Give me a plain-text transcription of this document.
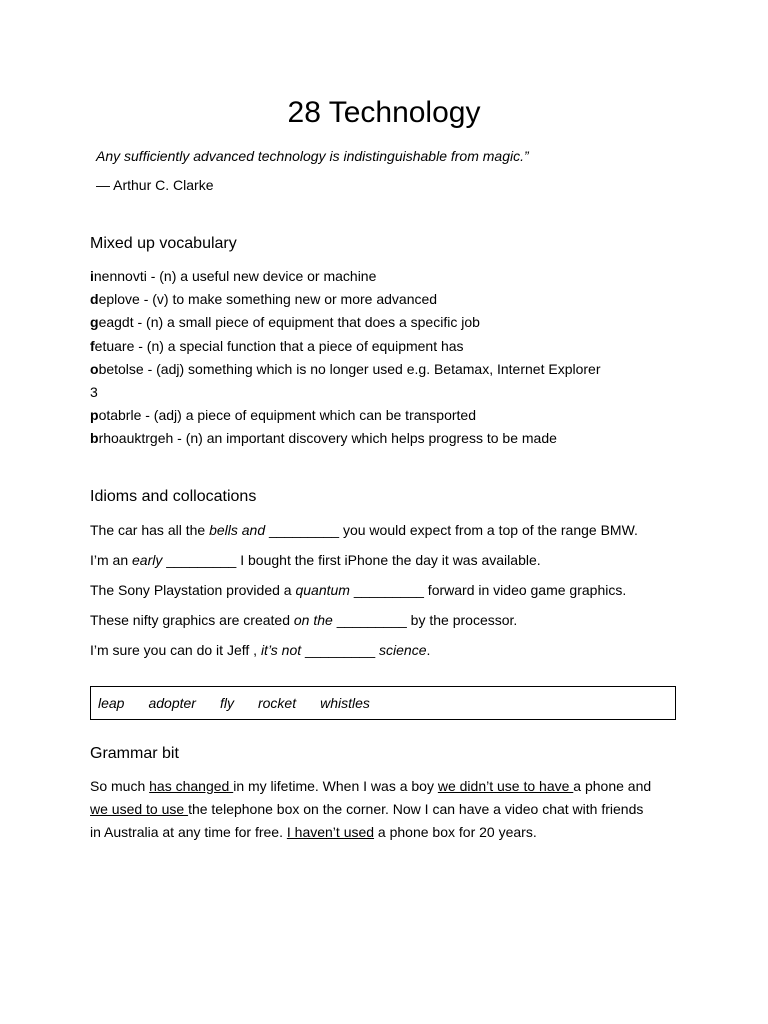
28 Technology
Any sufficiently advanced technology is indistinguishable from magic.”
— Arthur C. Clarke
Mixed up vocabulary
inennovti - (n) a useful new device or machine
deplove - (v) to make something new or more advanced
geagdt - (n) a small piece of equipment that does a specific job
fetuare - (n) a special function that a piece of equipment has
obetolse - (adj) something which is no longer used e.g. Betamax, Internet Explorer
3
potabrle - (adj) a piece of equipment which can be transported
brhoauktrgeh - (n) an important discovery which helps progress to be made
Idioms and collocations
The car has all the bells and _________ you would expect from a top of the range BMW.
I’m an early _________ I bought the first iPhone the day it was available.
The Sony Playstation provided a quantum _________ forward in video game graphics.
These nifty graphics are created on the _________ by the processor.
I’m sure you can do it Jeff , it’s not _________ science.
leap adopter fly rocket whistles
Grammar bit
So much has changed in my lifetime. When I was a boy we didn’t use to have a phone and
we used to use the telephone box on the corner. Now I can have a video chat with friends
in Australia at any time for free. I haven’t used a phone box for 20 years.
